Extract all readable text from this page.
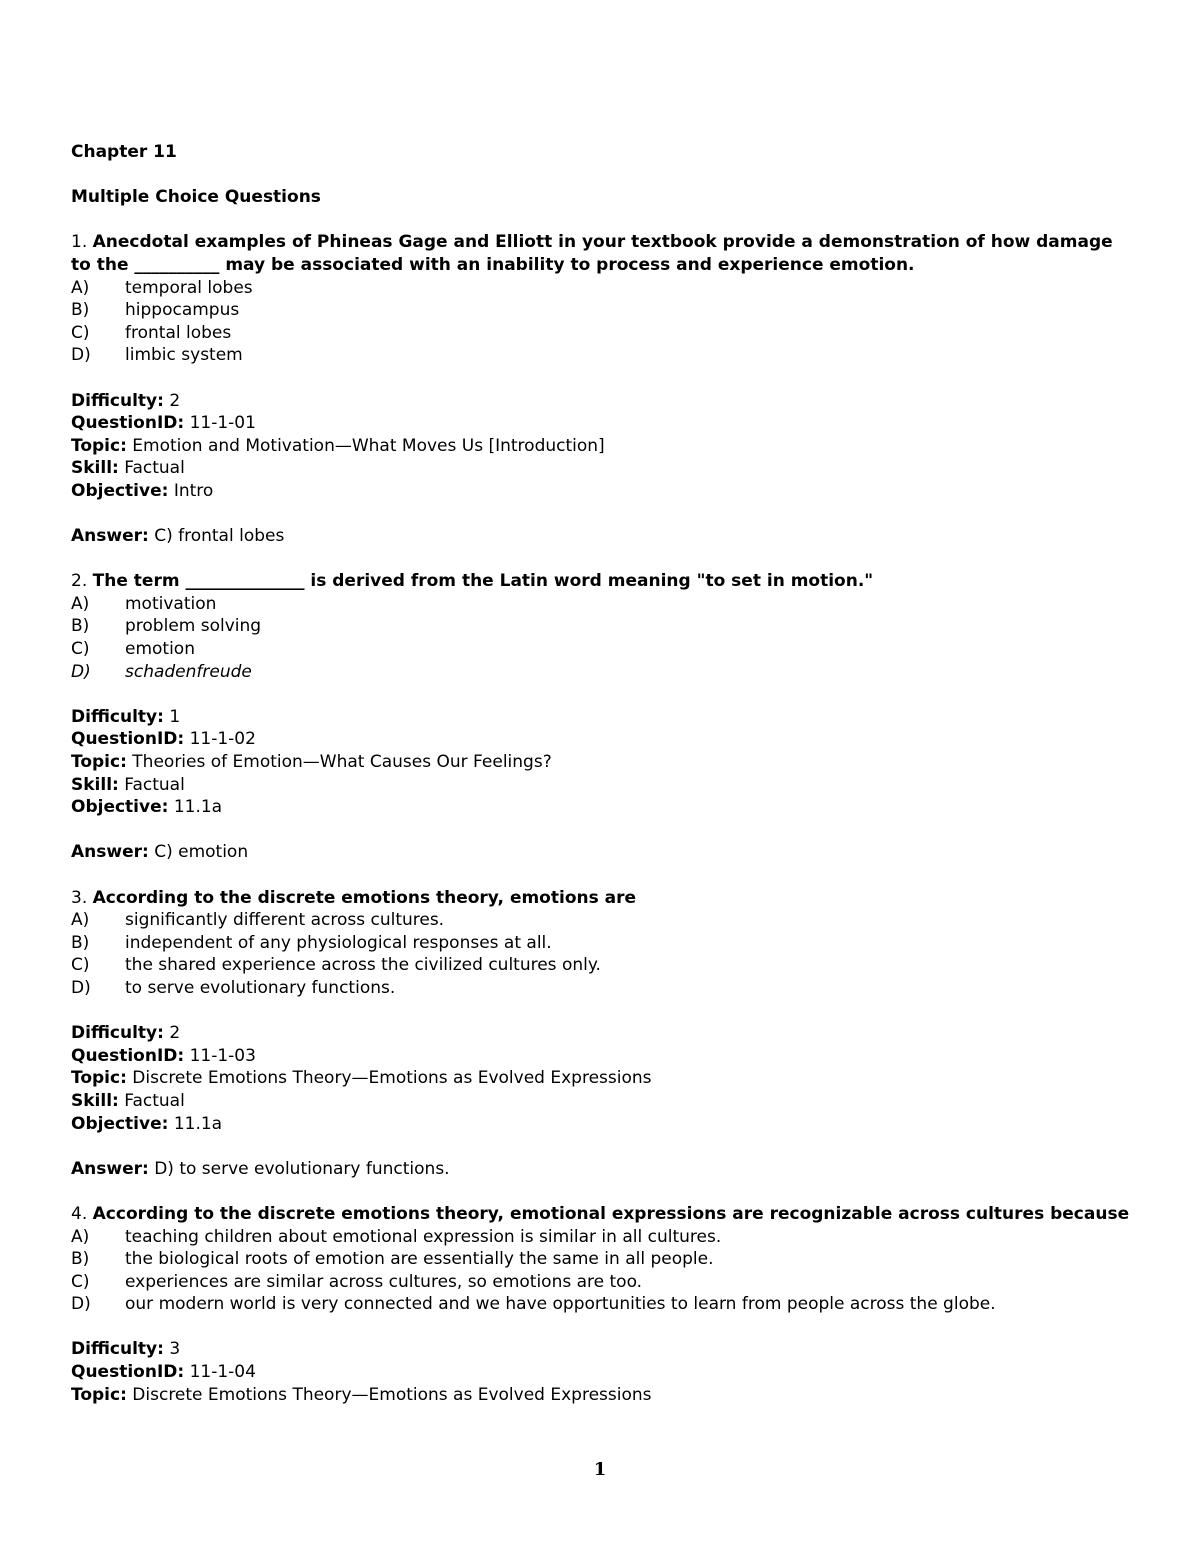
Chapter 11

Multiple Choice Questions

1. Anecdotal examples of Phineas Gage and Elliott in your textbook provide a demonstration of how damage to the __________ may be associated with an inability to process and experience emotion.

A)	temporal lobes
B)	hippocampus
C)	frontal lobes
D)	limbic system

Difficulty: 2

QuestionID: 11-1-01

Topic: Emotion and Motivation—What Moves Us [Introduction]

Skill: Factual

Objective: Intro

Answer: C) frontal lobes

2. The term ______________ is derived from the Latin word meaning "to set in motion."

A)	motivation
B)	problem solving
C)	emotion
D)	schadenfreude

Difficulty: 1

QuestionID: 11-1-02

Topic: Theories of Emotion—What Causes Our Feelings?

Skill: Factual

Objective: 11.1a

Answer: C) emotion

3. According to the discrete emotions theory, emotions are

A)	significantly different across cultures.
B)	independent of any physiological responses at all.
C)	the shared experience across the civilized cultures only.
D)	to serve evolutionary functions.

Difficulty: 2

QuestionID: 11-1-03

Topic: Discrete Emotions Theory—Emotions as Evolved Expressions

Skill: Factual

Objective: 11.1a

Answer: D) to serve evolutionary functions.

4. According to the discrete emotions theory, emotional expressions are recognizable across cultures because

A)	teaching children about emotional expression is similar in all cultures.
B)	the biological roots of emotion are essentially the same in all people.
C)	experiences are similar across cultures, so emotions are too.
D)	our modern world is very connected and we have opportunities to learn from people across the globe.

Difficulty: 3

QuestionID: 11-1-04

Topic: Discrete Emotions Theory—Emotions as Evolved Expressions

1
